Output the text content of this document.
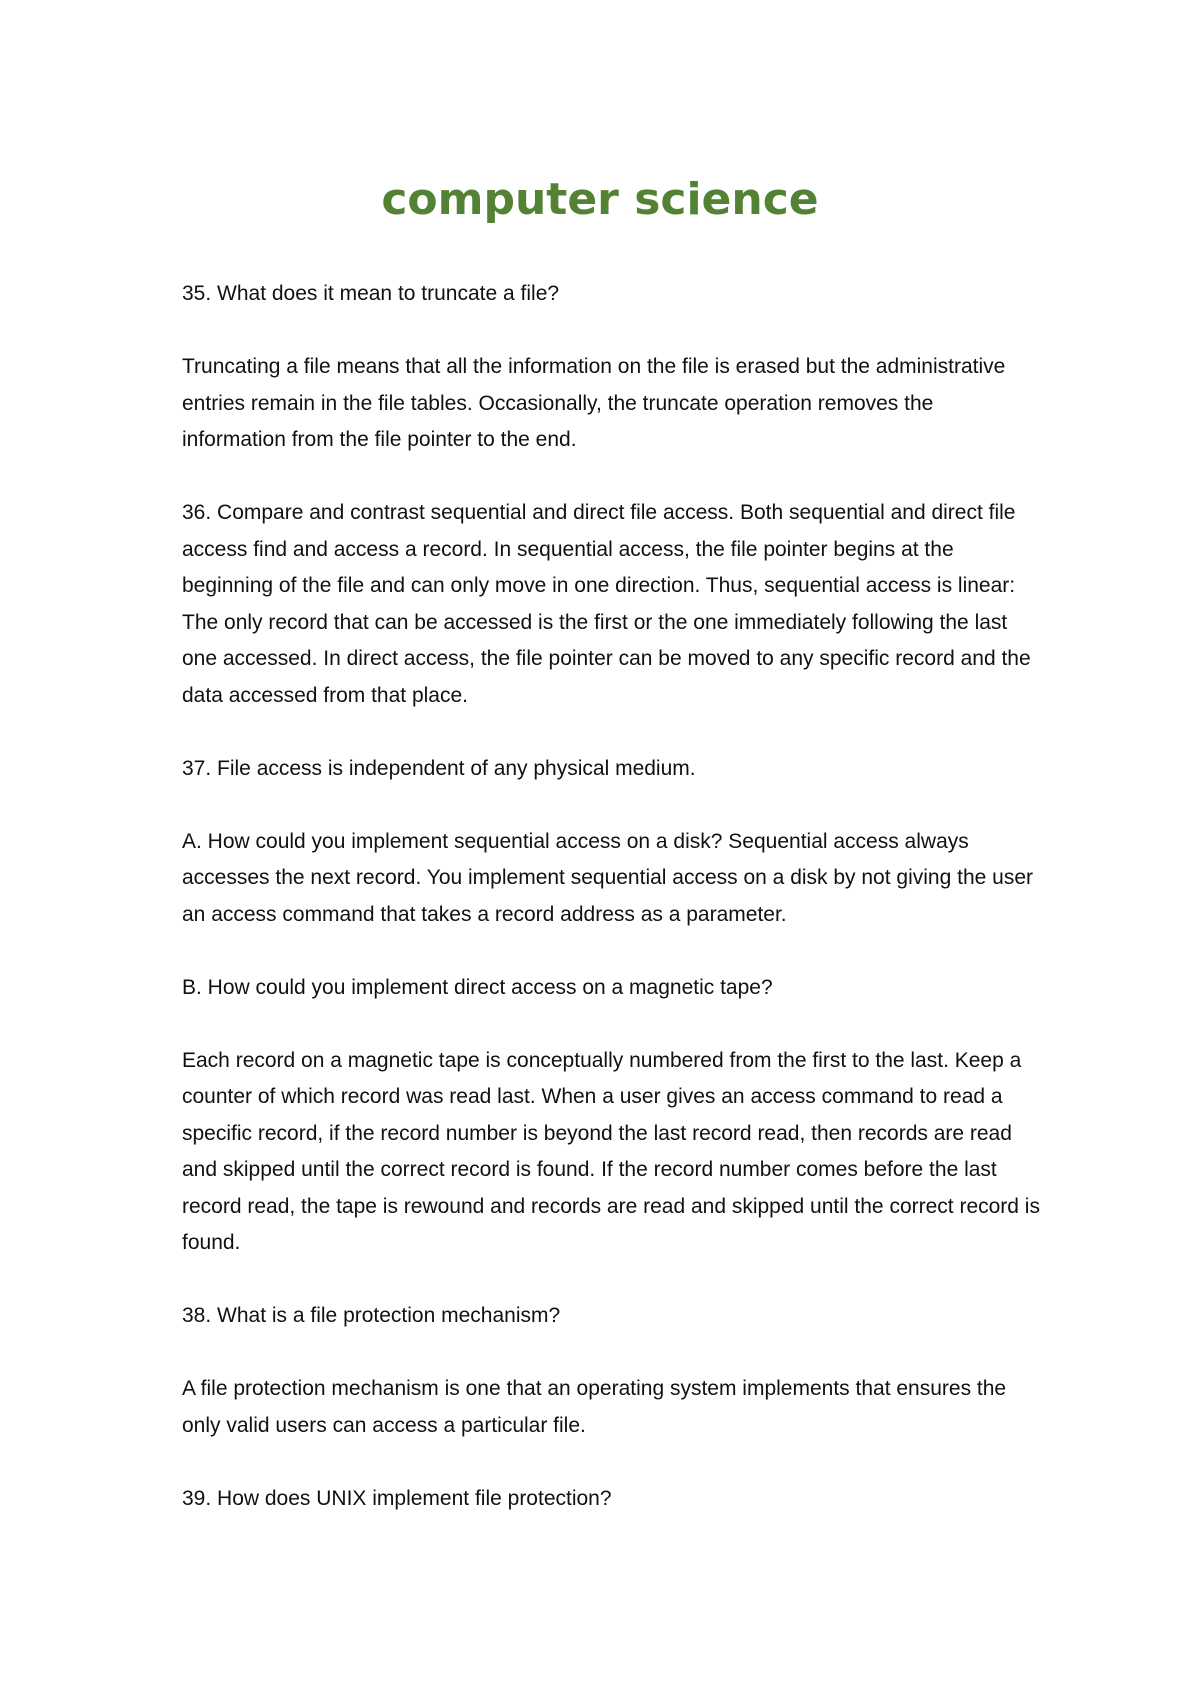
computer science

35. What does it mean to truncate a file?

Truncating a file means that all the information on the file is erased but the administrative entries remain in the file tables. Occasionally, the truncate operation removes the information from the file pointer to the end.

36. Compare and contrast sequential and direct file access. Both sequential and direct file access find and access a record. In sequential access, the file pointer begins at the beginning of the file and can only move in one direction. Thus, sequential access is linear: The only record that can be accessed is the first or the one immediately following the last one accessed. In direct access, the file pointer can be moved to any specific record and the data accessed from that place.

37. File access is independent of any physical medium.

A. How could you implement sequential access on a disk? Sequential access always accesses the next record. You implement sequential access on a disk by not giving the user an access command that takes a record address as a parameter.

B. How could you implement direct access on a magnetic tape?

Each record on a magnetic tape is conceptually numbered from the first to the last. Keep a counter of which record was read last. When a user gives an access command to read a specific record, if the record number is beyond the last record read, then records are read and skipped until the correct record is found. If the record number comes before the last record read, the tape is rewound and records are read and skipped until the correct record is found.

38. What is a file protection mechanism?

A file protection mechanism is one that an operating system implements that ensures the only valid users can access a particular file.

39. How does UNIX implement file protection?
